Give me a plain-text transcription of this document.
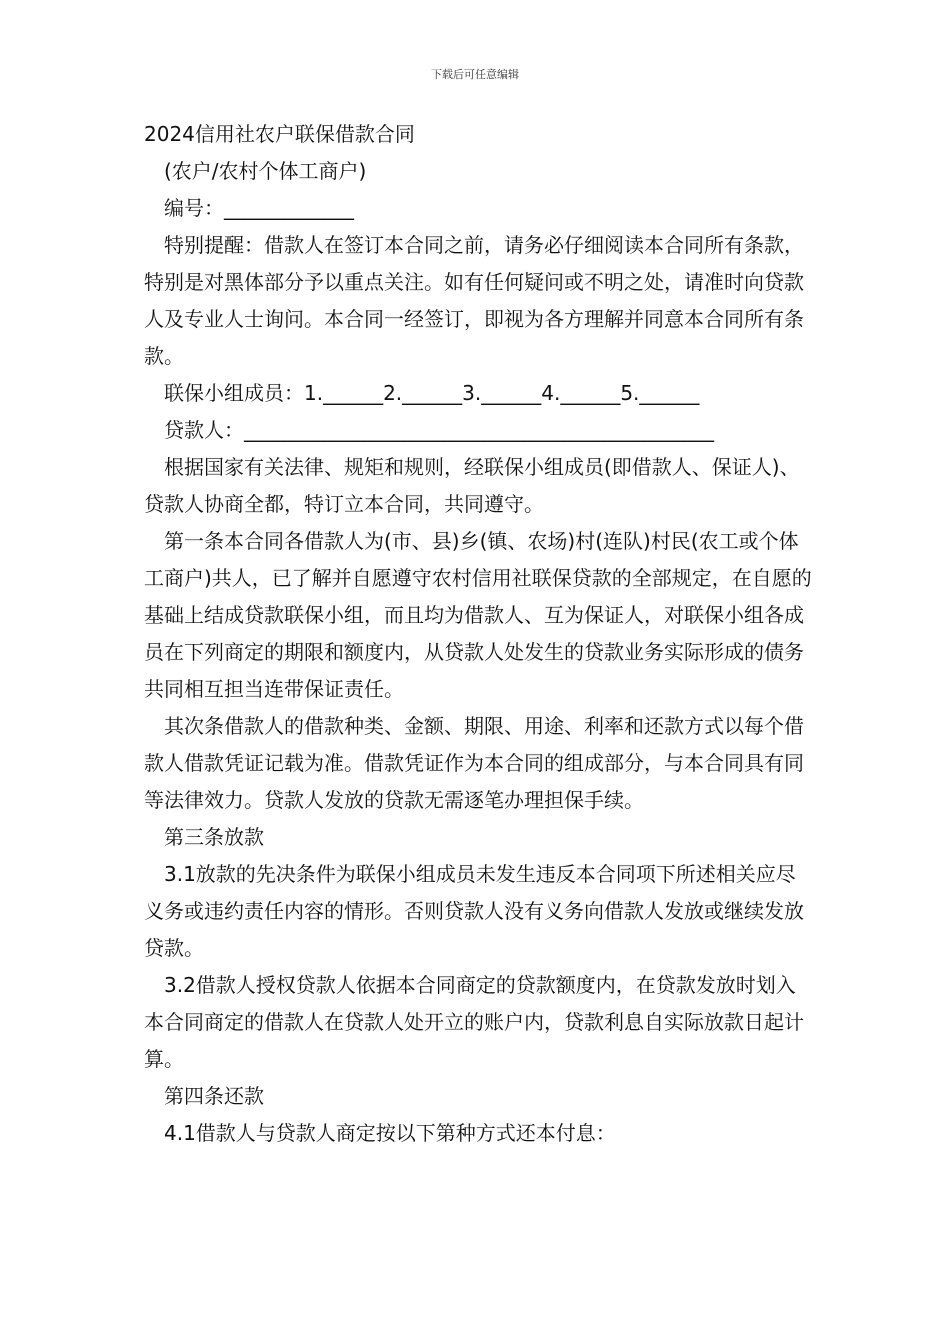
下载后可任意编辑

2024信用社农户联保借款合同

(农户/农村个体工商户)

编号：_____________

特别提醒：借款人在签订本合同之前，请务必仔细阅读本合同所有条款，特别是对黑体部分予以重点关注。如有任何疑问或不明之处，请准时向贷款人及专业人士询问。本合同一经签订，即视为各方理解并同意本合同所有条款。

联保小组成员：1.______2.______3.______4.______5.______

贷款人：_______________________________________________

根据国家有关法律、规矩和规则，经联保小组成员(即借款人、保证人)、贷款人协商全都，特订立本合同，共同遵守。

第一条本合同各借款人为(市、县)乡(镇、农场)村(连队)村民(农工或个体工商户)共人，已了解并自愿遵守农村信用社联保贷款的全部规定，在自愿的基础上结成贷款联保小组，而且均为借款人、互为保证人，对联保小组各成员在下列商定的期限和额度内，从贷款人处发生的贷款业务实际形成的债务共同相互担当连带保证责任。

其次条借款人的借款种类、金额、期限、用途、利率和还款方式以每个借款人借款凭证记载为准。借款凭证作为本合同的组成部分，与本合同具有同等法律效力。贷款人发放的贷款无需逐笔办理担保手续。

第三条放款

3.1放款的先决条件为联保小组成员未发生违反本合同项下所述相关应尽义务或违约责任内容的情形。否则贷款人没有义务向借款人发放或继续发放贷款。

3.2借款人授权贷款人依据本合同商定的贷款额度内，在贷款发放时划入本合同商定的借款人在贷款人处开立的账户内，贷款利息自实际放款日起计算。

第四条还款

4.1借款人与贷款人商定按以下第种方式还本付息：
